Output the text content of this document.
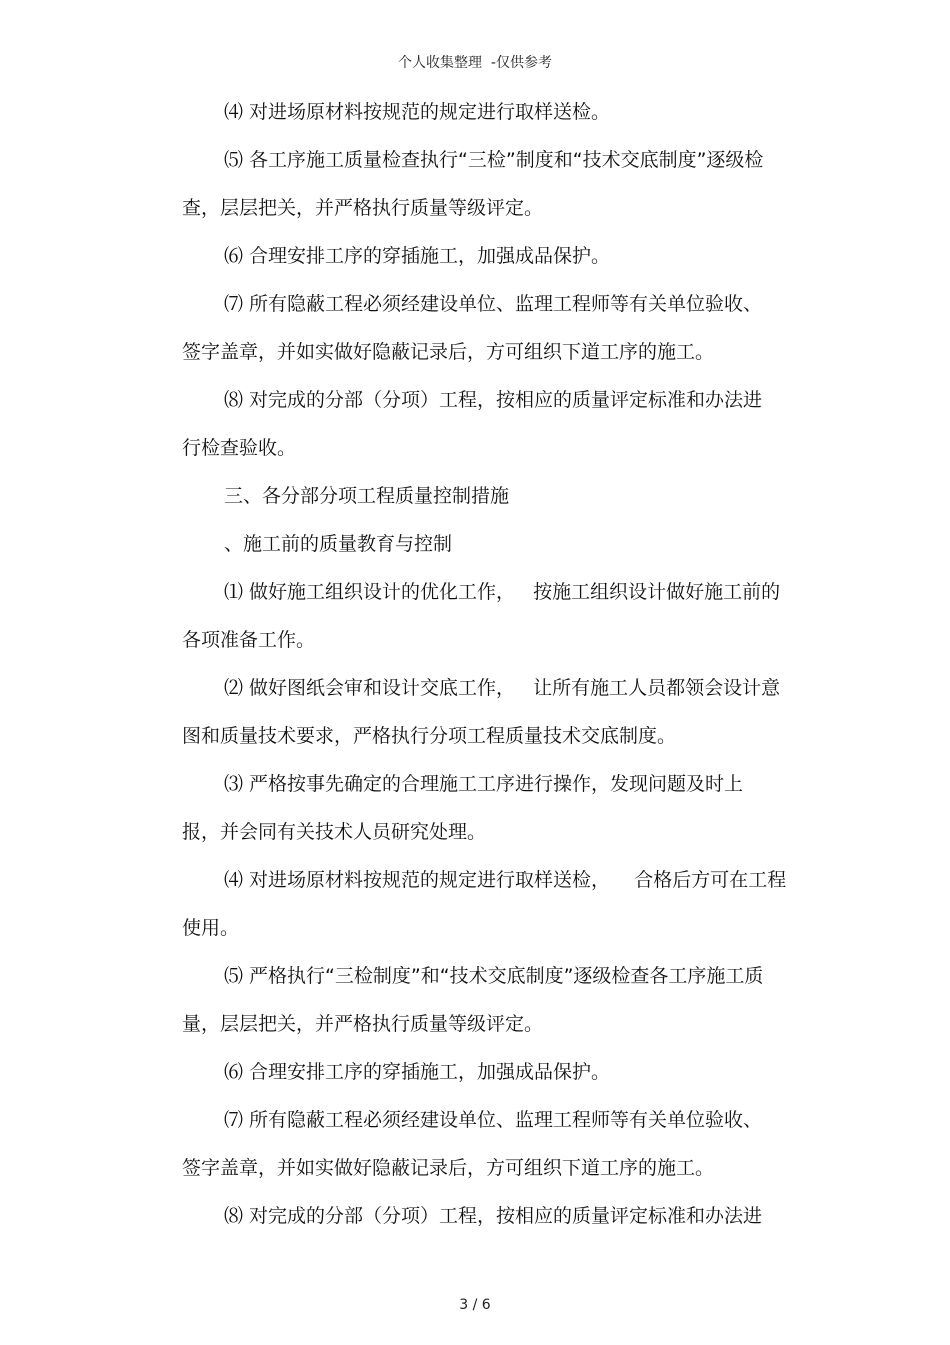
个人收集整理  -仅供参考
⑷ 对进场原材料按规范的规定进行取样送检。
⑸ 各工序施工质量检查执行“三检”制度和“技术交底制度”逐级检
查，层层把关，并严格执行质量等级评定。
⑹ 合理安排工序的穿插施工，加强成品保护。
⑺ 所有隐蔽工程必须经建设单位、监理工程师等有关单位验收、
签字盖章，并如实做好隐蔽记录后，方可组织下道工序的施工。
⑻ 对完成的分部（分项）工程，按相应的质量评定标准和办法进
行检查验收。
三、各分部分项工程质量控制措施
、施工前的质量教育与控制
⑴ 做好施工组织设计的优化工作，   按施工组织设计做好施工前的
各项准备工作。
⑵ 做好图纸会审和设计交底工作，   让所有施工人员都领会设计意
图和质量技术要求，严格执行分项工程质量技术交底制度。
⑶ 严格按事先确定的合理施工工序进行操作，发现问题及时上
报，并会同有关技术人员研究处理。
⑷ 对进场原材料按规范的规定进行取样送检，    合格后方可在工程
使用。
⑸ 严格执行“三检制度”和“技术交底制度”逐级检查各工序施工质
量，层层把关，并严格执行质量等级评定。
⑹ 合理安排工序的穿插施工，加强成品保护。
⑺ 所有隐蔽工程必须经建设单位、监理工程师等有关单位验收、
签字盖章，并如实做好隐蔽记录后，方可组织下道工序的施工。
⑻ 对完成的分部（分项）工程，按相应的质量评定标准和办法进
3 / 6
